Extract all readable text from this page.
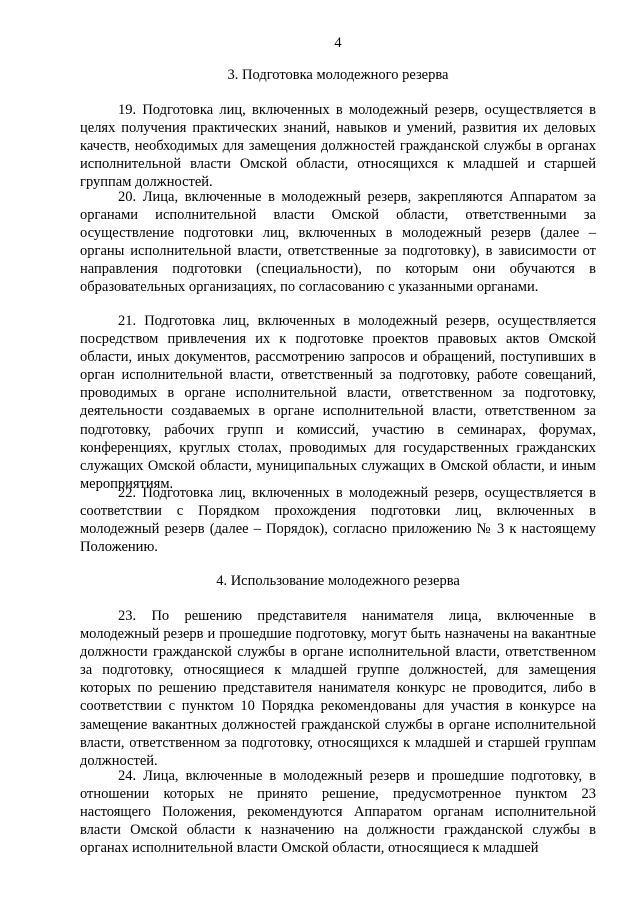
4
3. Подготовка молодежного резерва

19. Подготовка лиц, включенных в молодежный резерв, осуществляется в целях получения практических знаний, навыков и умений, развития их деловых качеств, необходимых для замещения должностей гражданской службы в органах исполнительной власти Омской области, относящихся к младшей и старшей группам должностей.

20. Лица, включенные в молодежный резерв, закрепляются Аппаратом за органами исполнительной власти Омской области, ответственными за осуществление подготовки лиц, включенных в молодежный резерв (далее – органы исполнительной власти, ответственные за подготовку), в зависимости от направления подготовки (специальности), по которым они обучаются в образовательных организациях, по согласованию с указанными органами.

21. Подготовка лиц, включенных в молодежный резерв, осуществляется посредством привлечения их к подготовке проектов правовых актов Омской области, иных документов, рассмотрению запросов и обращений, поступивших в орган исполнительной власти, ответственный за подготовку, работе совещаний, проводимых в органе исполнительной власти, ответственном за подготовку, деятельности создаваемых в органе исполнительной власти, ответственном за подготовку, рабочих групп и комиссий, участию в семинарах, форумах, конференциях, круглых столах, проводимых для государственных гражданских служащих Омской области, муниципальных служащих в Омской области, и иным мероприятиям.

22. Подготовка лиц, включенных в молодежный резерв, осуществляется в соответствии с Порядком прохождения подготовки лиц, включенных в молодежный резерв (далее – Порядок), согласно приложению № 3 к настоящему Положению.

4. Использование молодежного резерва

23. По решению представителя нанимателя лица, включенные в молодежный резерв и прошедшие подготовку, могут быть назначены на вакантные должности гражданской службы в органе исполнительной власти, ответственном за подготовку, относящиеся к младшей группе должностей, для замещения которых по решению представителя нанимателя конкурс не проводится, либо в соответствии с пунктом 10 Порядка рекомендованы для участия в конкурсе на замещение вакантных должностей гражданской службы в органе исполнительной власти, ответственном за подготовку, относящихся к младшей и старшей группам должностей.

24. Лица, включенные в молодежный резерв и прошедшие подготовку, в отношении которых не принято решение, предусмотренное пунктом 23 настоящего Положения, рекомендуются Аппаратом органам исполнительной власти Омской области к назначению на должности гражданской службы в органах исполнительной власти Омской области, относящиеся к младшей
